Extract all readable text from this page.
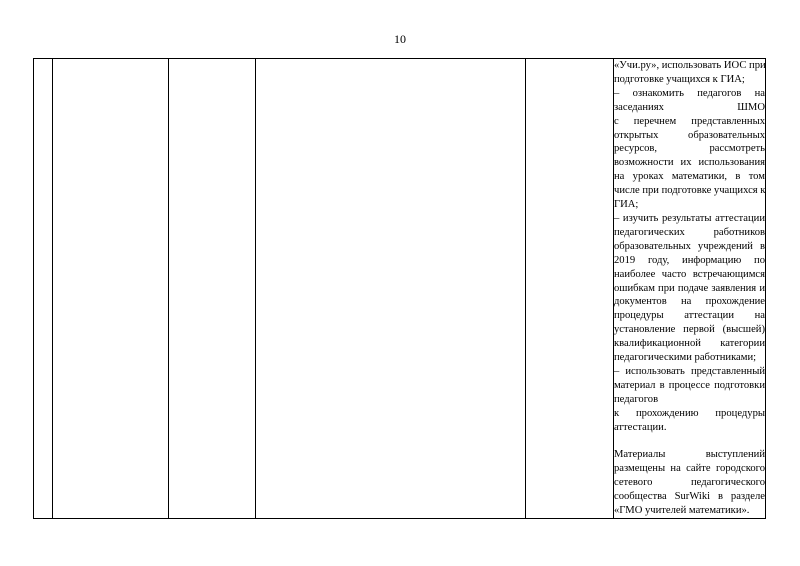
10

«Учи.ру», использовать ИОС при
подготовке учащихся к ГИА;
– ознакомить педагогов на
заседаниях ШМО
с перечнем представленных
открытых образовательных
ресурсов, рассмотреть
возможности их использования
на уроках математики, в том
числе при подготовке учащихся к
ГИА;
– изучить результаты аттестации
педагогических работников
образовательных учреждений в
2019 году, информацию по
наиболее часто встречающимся
ошибкам при подаче заявления и
документов на прохождение
процедуры аттестации на
установление первой (высшей)
квалификационной категории
педагогическими работниками;
– использовать представленный
материал в процессе подготовки
педагогов
к прохождению процедуры
аттестации.
Материалы выступлений
размещены на сайте городского
сетевого педагогического
сообщества SurWiki в разделе
«ГМО учителей математики».
